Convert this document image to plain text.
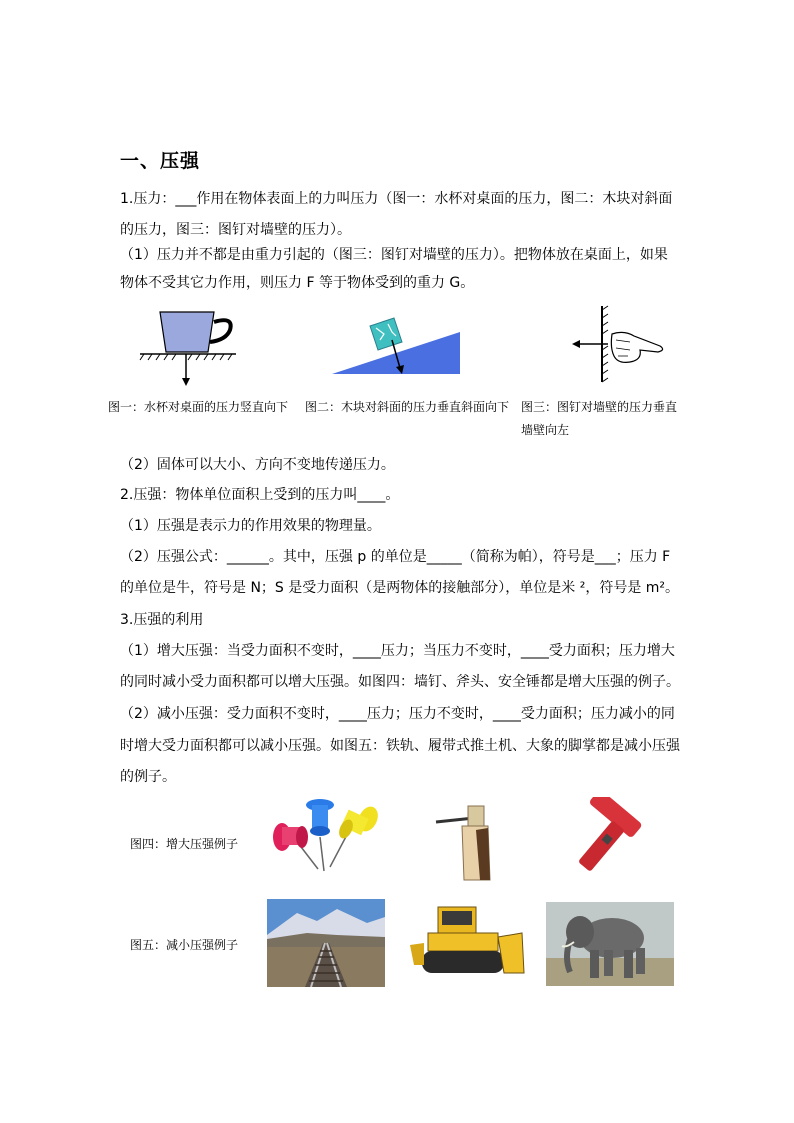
一、压强
1.压力：___作用在物体表面上的力叫压力（图一：水杯对桌面的压力，图二：木块对斜面
的压力，图三：图钉对墙壁的压力）。
（1）压力并不都是由重力引起的（图三：图钉对墙壁的压力）。把物体放在桌面上，如果
物体不受其它力作用，则压力 F 等于物体受到的重力 G。
图一：水杯对桌面的压力竖直向下 图二：木块对斜面的压力垂直斜面向下 图三：图钉对墙壁的压力垂直
墙壁向左
（2）固体可以大小、方向不变地传递压力。
2.压强：物体单位面积上受到的压力叫____。
（1）压强是表示力的作用效果的物理量。
（2）压强公式：______。其中，压强 p 的单位是_____（简称为帕），符号是___；压力 F
的单位是牛，符号是 N；S 是受力面积（是两物体的接触部分），单位是米 ²，符号是 m²。
3.压强的利用
（1）增大压强：当受力面积不变时，____压力；当压力不变时，____受力面积；压力增大
的同时减小受力面积都可以增大压强。如图四：墙钉、斧头、安全锤都是增大压强的例子。
（2）减小压强：受力面积不变时，____压力；压力不变时，____受力面积；压力减小的同
时增大受力面积都可以减小压强。如图五：铁轨、履带式推土机、大象的脚掌都是减小压强
的例子。
图四：增大压强例子
图五：减小压强例子
